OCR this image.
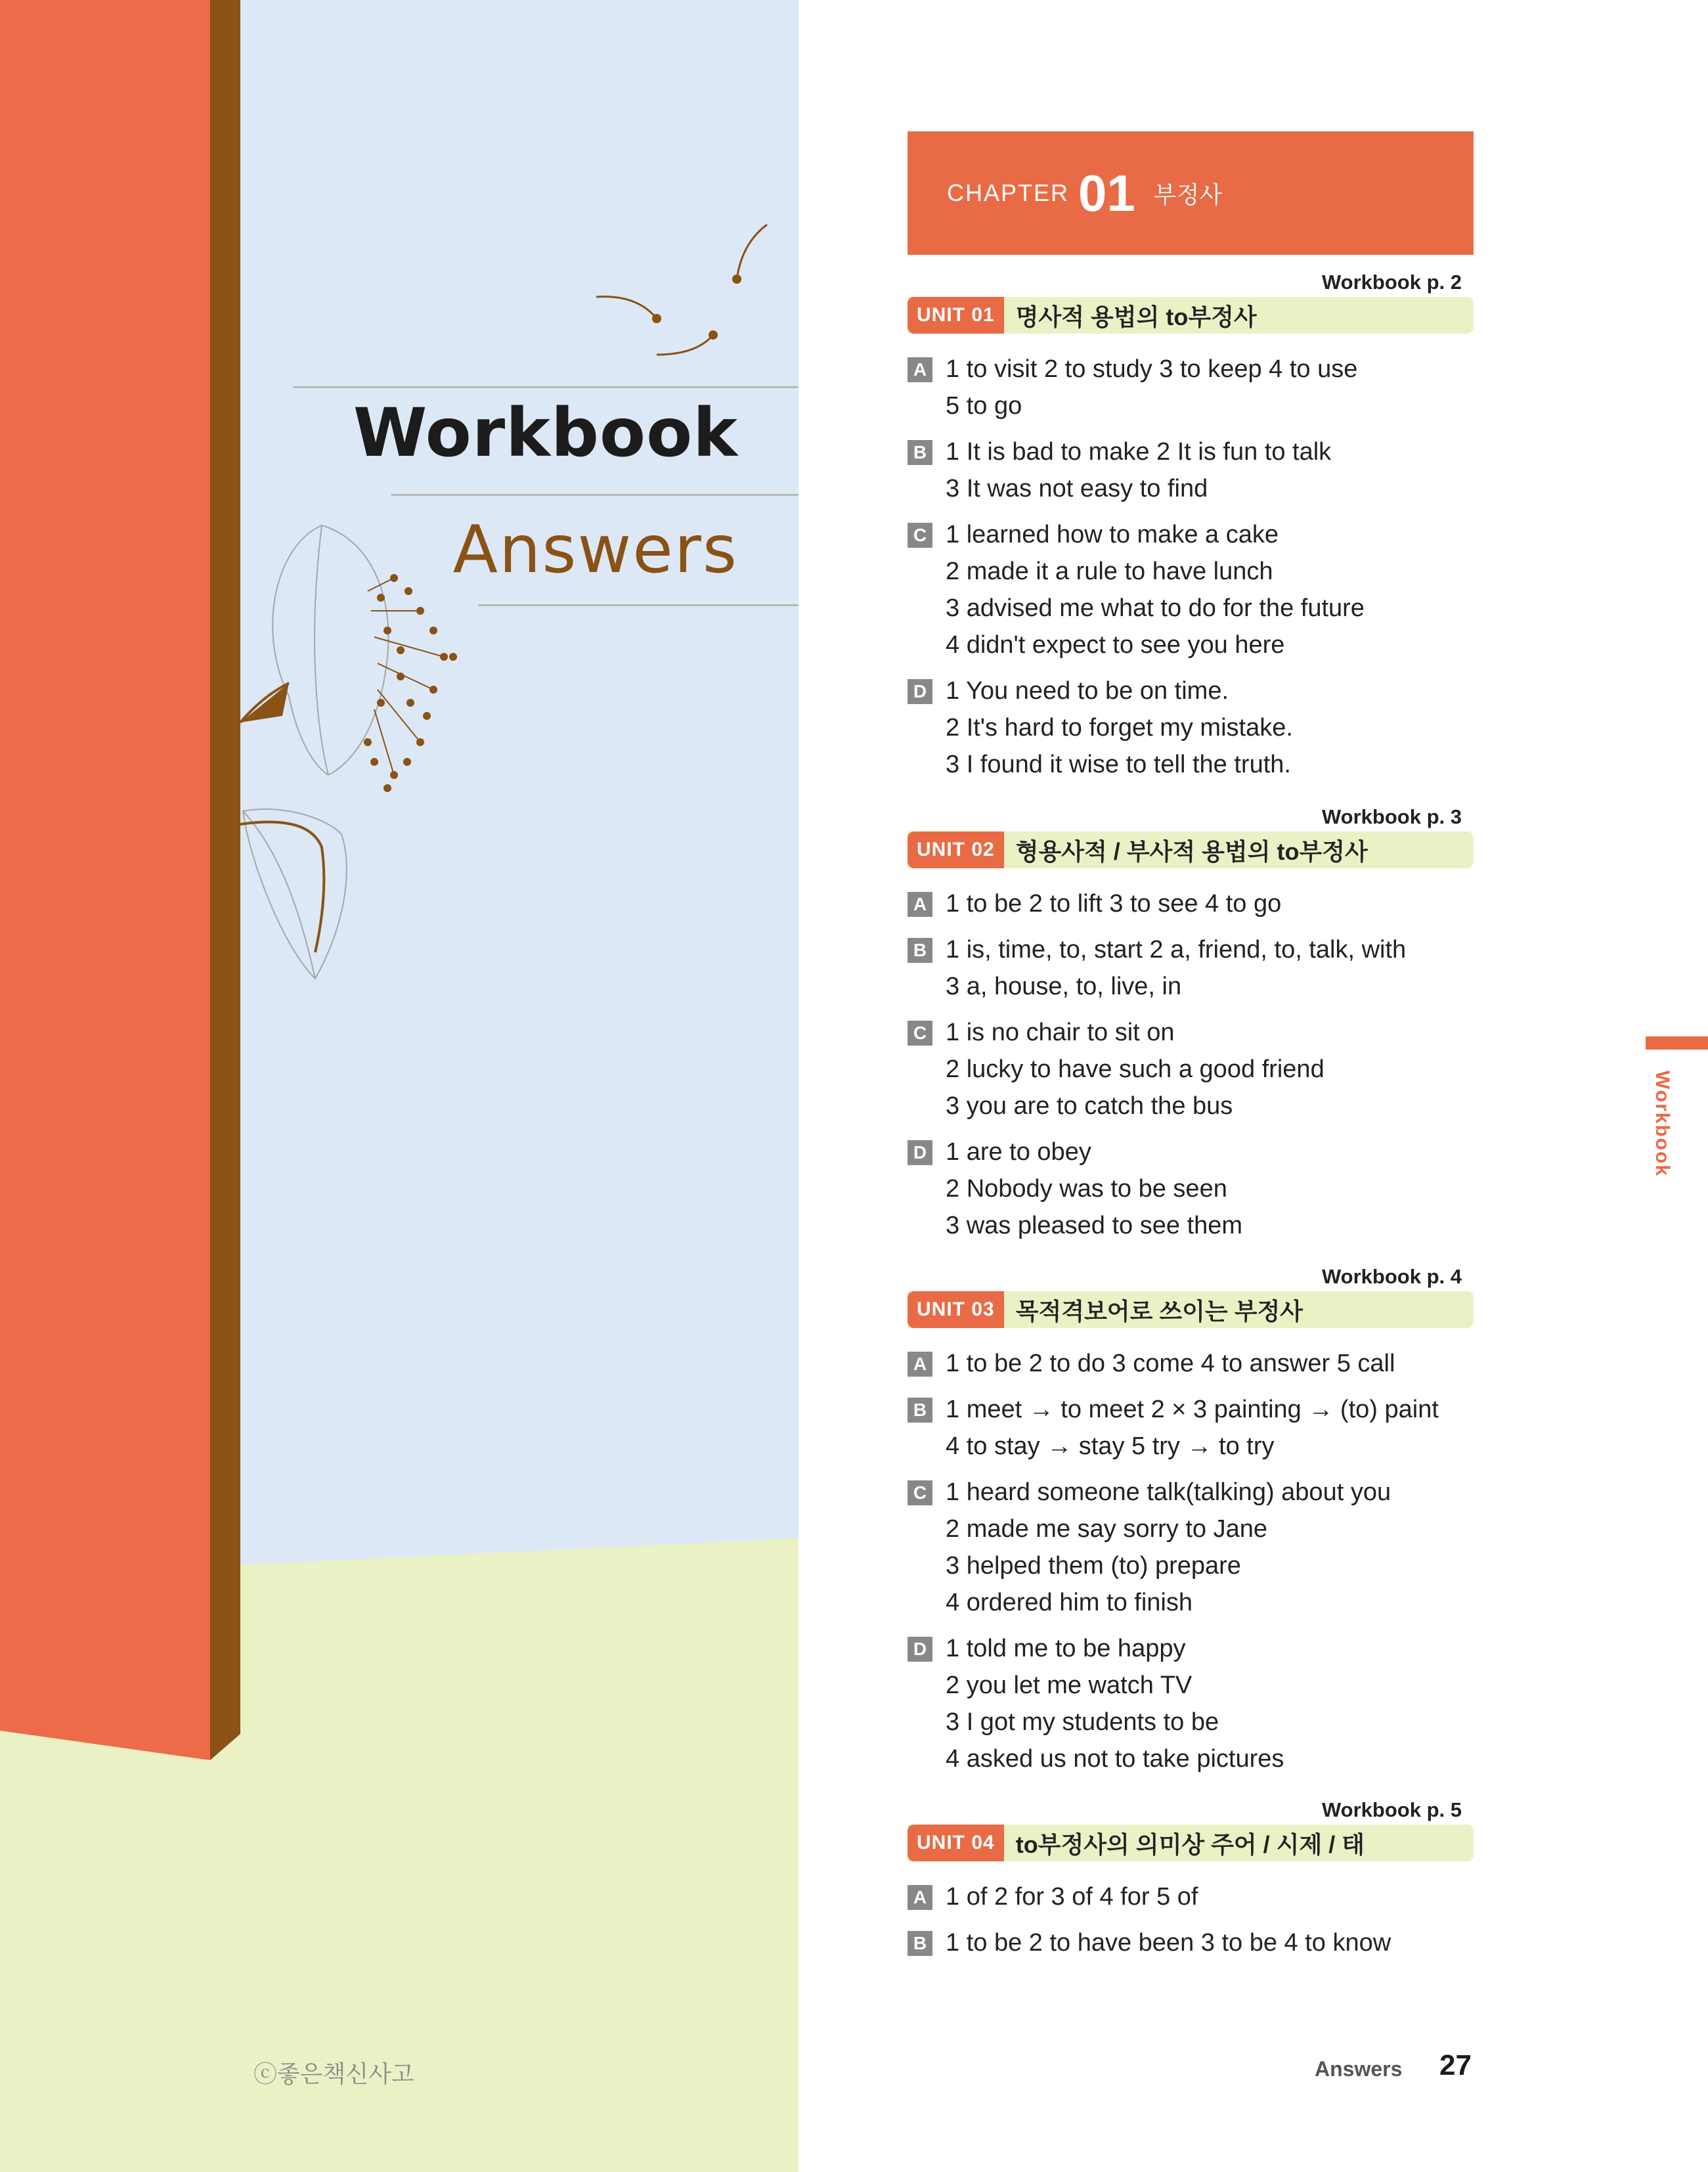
Workbook
Answers
ⓒ좋은책신사고
CHAPTER 01 부정사
Workbook p. 2
UNIT 01 명사적 용법의 to부정사
A 1 to visit 2 to study 3 to keep 4 to use
5 to go
B 1 It is bad to make 2 It is fun to talk
3 It was not easy to find
C 1 learned how to make a cake
2 made it a rule to have lunch
3 advised me what to do for the future
4 didn't expect to see you here
D 1 You need to be on time.
2 It's hard to forget my mistake.
3 I found it wise to tell the truth.
Workbook p. 3
UNIT 02 형용사적 / 부사적 용법의 to부정사
A 1 to be 2 to lift 3 to see 4 to go
B 1 is, time, to, start 2 a, friend, to, talk, with
3 a, house, to, live, in
C 1 is no chair to sit on
2 lucky to have such a good friend
3 you are to catch the bus
D 1 are to obey
2 Nobody was to be seen
3 was pleased to see them
Workbook p. 4
UNIT 03 목적격보어로 쓰이는 부정사
A 1 to be 2 to do 3 come 4 to answer 5 call
B 1 meet → to meet 2 × 3 painting → (to) paint
4 to stay → stay 5 try → to try
C 1 heard someone talk(talking) about you
2 made me say sorry to Jane
3 helped them (to) prepare
4 ordered him to finish
D 1 told me to be happy
2 you let me watch TV
3 I got my students to be
4 asked us not to take pictures
Workbook p. 5
UNIT 04 to부정사의 의미상 주어 / 시제 / 태
A 1 of 2 for 3 of 4 for 5 of
B 1 to be 2 to have been 3 to be 4 to know
Workbook
Answers 27
